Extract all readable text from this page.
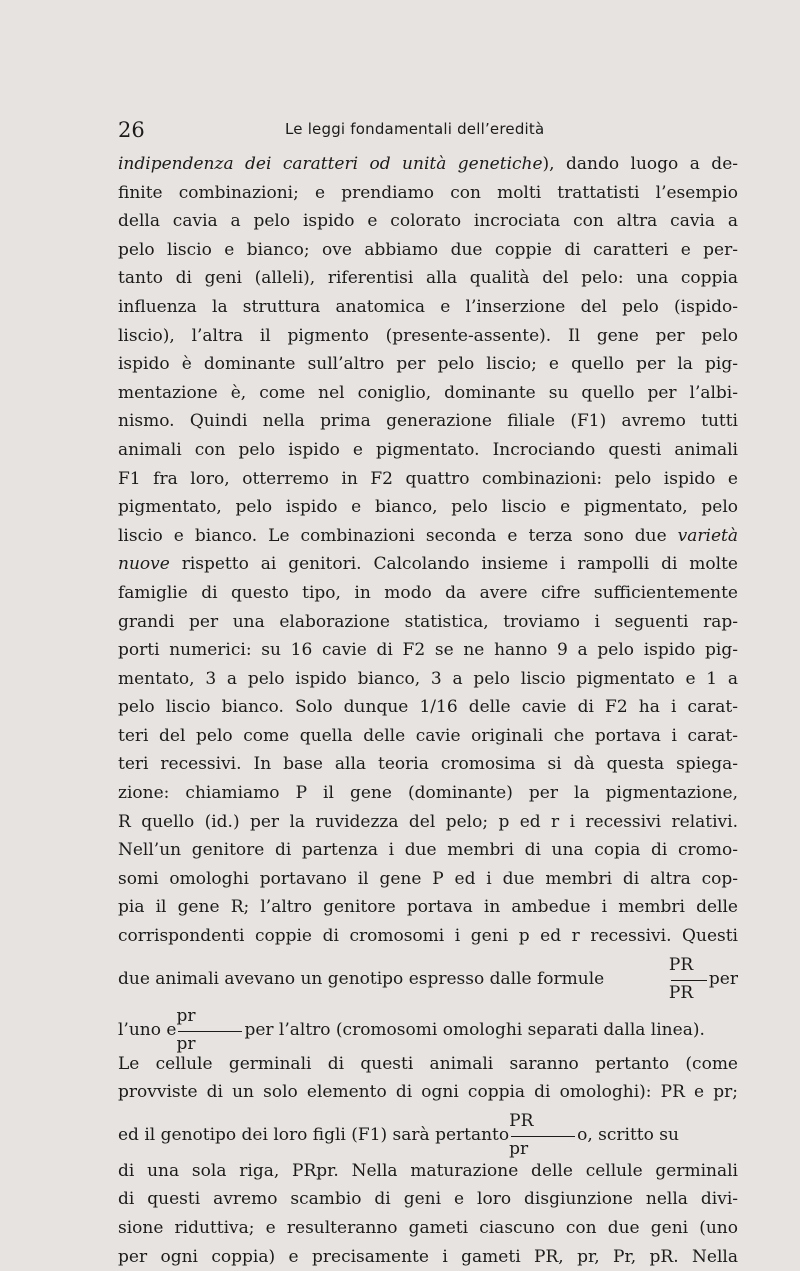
26	Le leggi fondamentali dell’eredità
indipendenza dei caratteri od unità genetiche), dando luogo a de-
finite combinazioni; e prendiamo con molti trattatisti l’esempio
della cavia a pelo ispido e colorato incrociata con altra cavia a
pelo liscio e bianco; ove abbiamo due coppie di caratteri e per-
tanto di geni (alleli), riferentisi alla qualità del pelo: una coppia
influenza la struttura anatomica e l’inserzione del pelo (ispido-
liscio), l’altra il pigmento (presente-assente). Il gene per pelo
ispido è dominante sull’altro per pelo liscio; e quello per la pig-
mentazione è, come nel coniglio, dominante su quello per l’albi-
nismo. Quindi nella prima generazione filiale (F1) avremo tutti
animali con pelo ispido e pigmentato. Incrociando questi animali
F1 fra loro, otterremo in F2 quattro combinazioni: pelo ispido e
pigmentato, pelo ispido e bianco, pelo liscio e pigmentato, pelo
liscio e bianco. Le combinazioni seconda e terza sono due varietà
nuove rispetto ai genitori. Calcolando insieme i rampolli di molte
famiglie di questo tipo, in modo da avere cifre sufficientemente
grandi per una elaborazione statistica, troviamo i seguenti rap-
porti numerici: su 16 cavie di F2 se ne hanno 9 a pelo ispido pig-
mentato, 3 a pelo ispido bianco, 3 a pelo liscio pigmentato e 1 a
pelo liscio bianco. Solo dunque 1/16 delle cavie di F2 ha i carat-
teri del pelo come quella delle cavie originali che portava i carat-
teri recessivi. In base alla teoria cromosima si dà questa spiega-
zione: chiamiamo P il gene (dominante) per la pigmentazione,
R quello (id.) per la ruvidezza del pelo; p ed r i recessivi relativi.
Nell’un genitore di partenza i due membri di una copia di cromo-
somi omologhi portavano il gene P ed i due membri di altra cop-
pia il gene R; l’altro genitore portava in ambedue i membri delle
corrispondenti coppie di cromosomi i geni p ed r recessivi. Questi
due animali avevano un genotipo espresso dalle formule	$\frac{PR}{PR}$ per
l’uno e $\frac{pr}{pr}$ per l’altro (cromosomi omologhi separati dalla linea).
Le cellule germinali di questi animali saranno pertanto (come
provviste di un solo elemento di ogni coppia di omologhi): PR e pr;
ed il genotipo dei loro figli (F1) sarà pertanto $\frac{PR}{pr} o$, scritto su
di una sola riga, PRpr. Nella maturazione delle cellule germinali
di questi avremo scambio di geni e loro disgiunzione nella divi-
sione riduttiva; e resulteranno gameti ciascuno con due geni (uno
per ogni coppia) e precisamente i gameti PR, pr, Pr, pR. Nella
